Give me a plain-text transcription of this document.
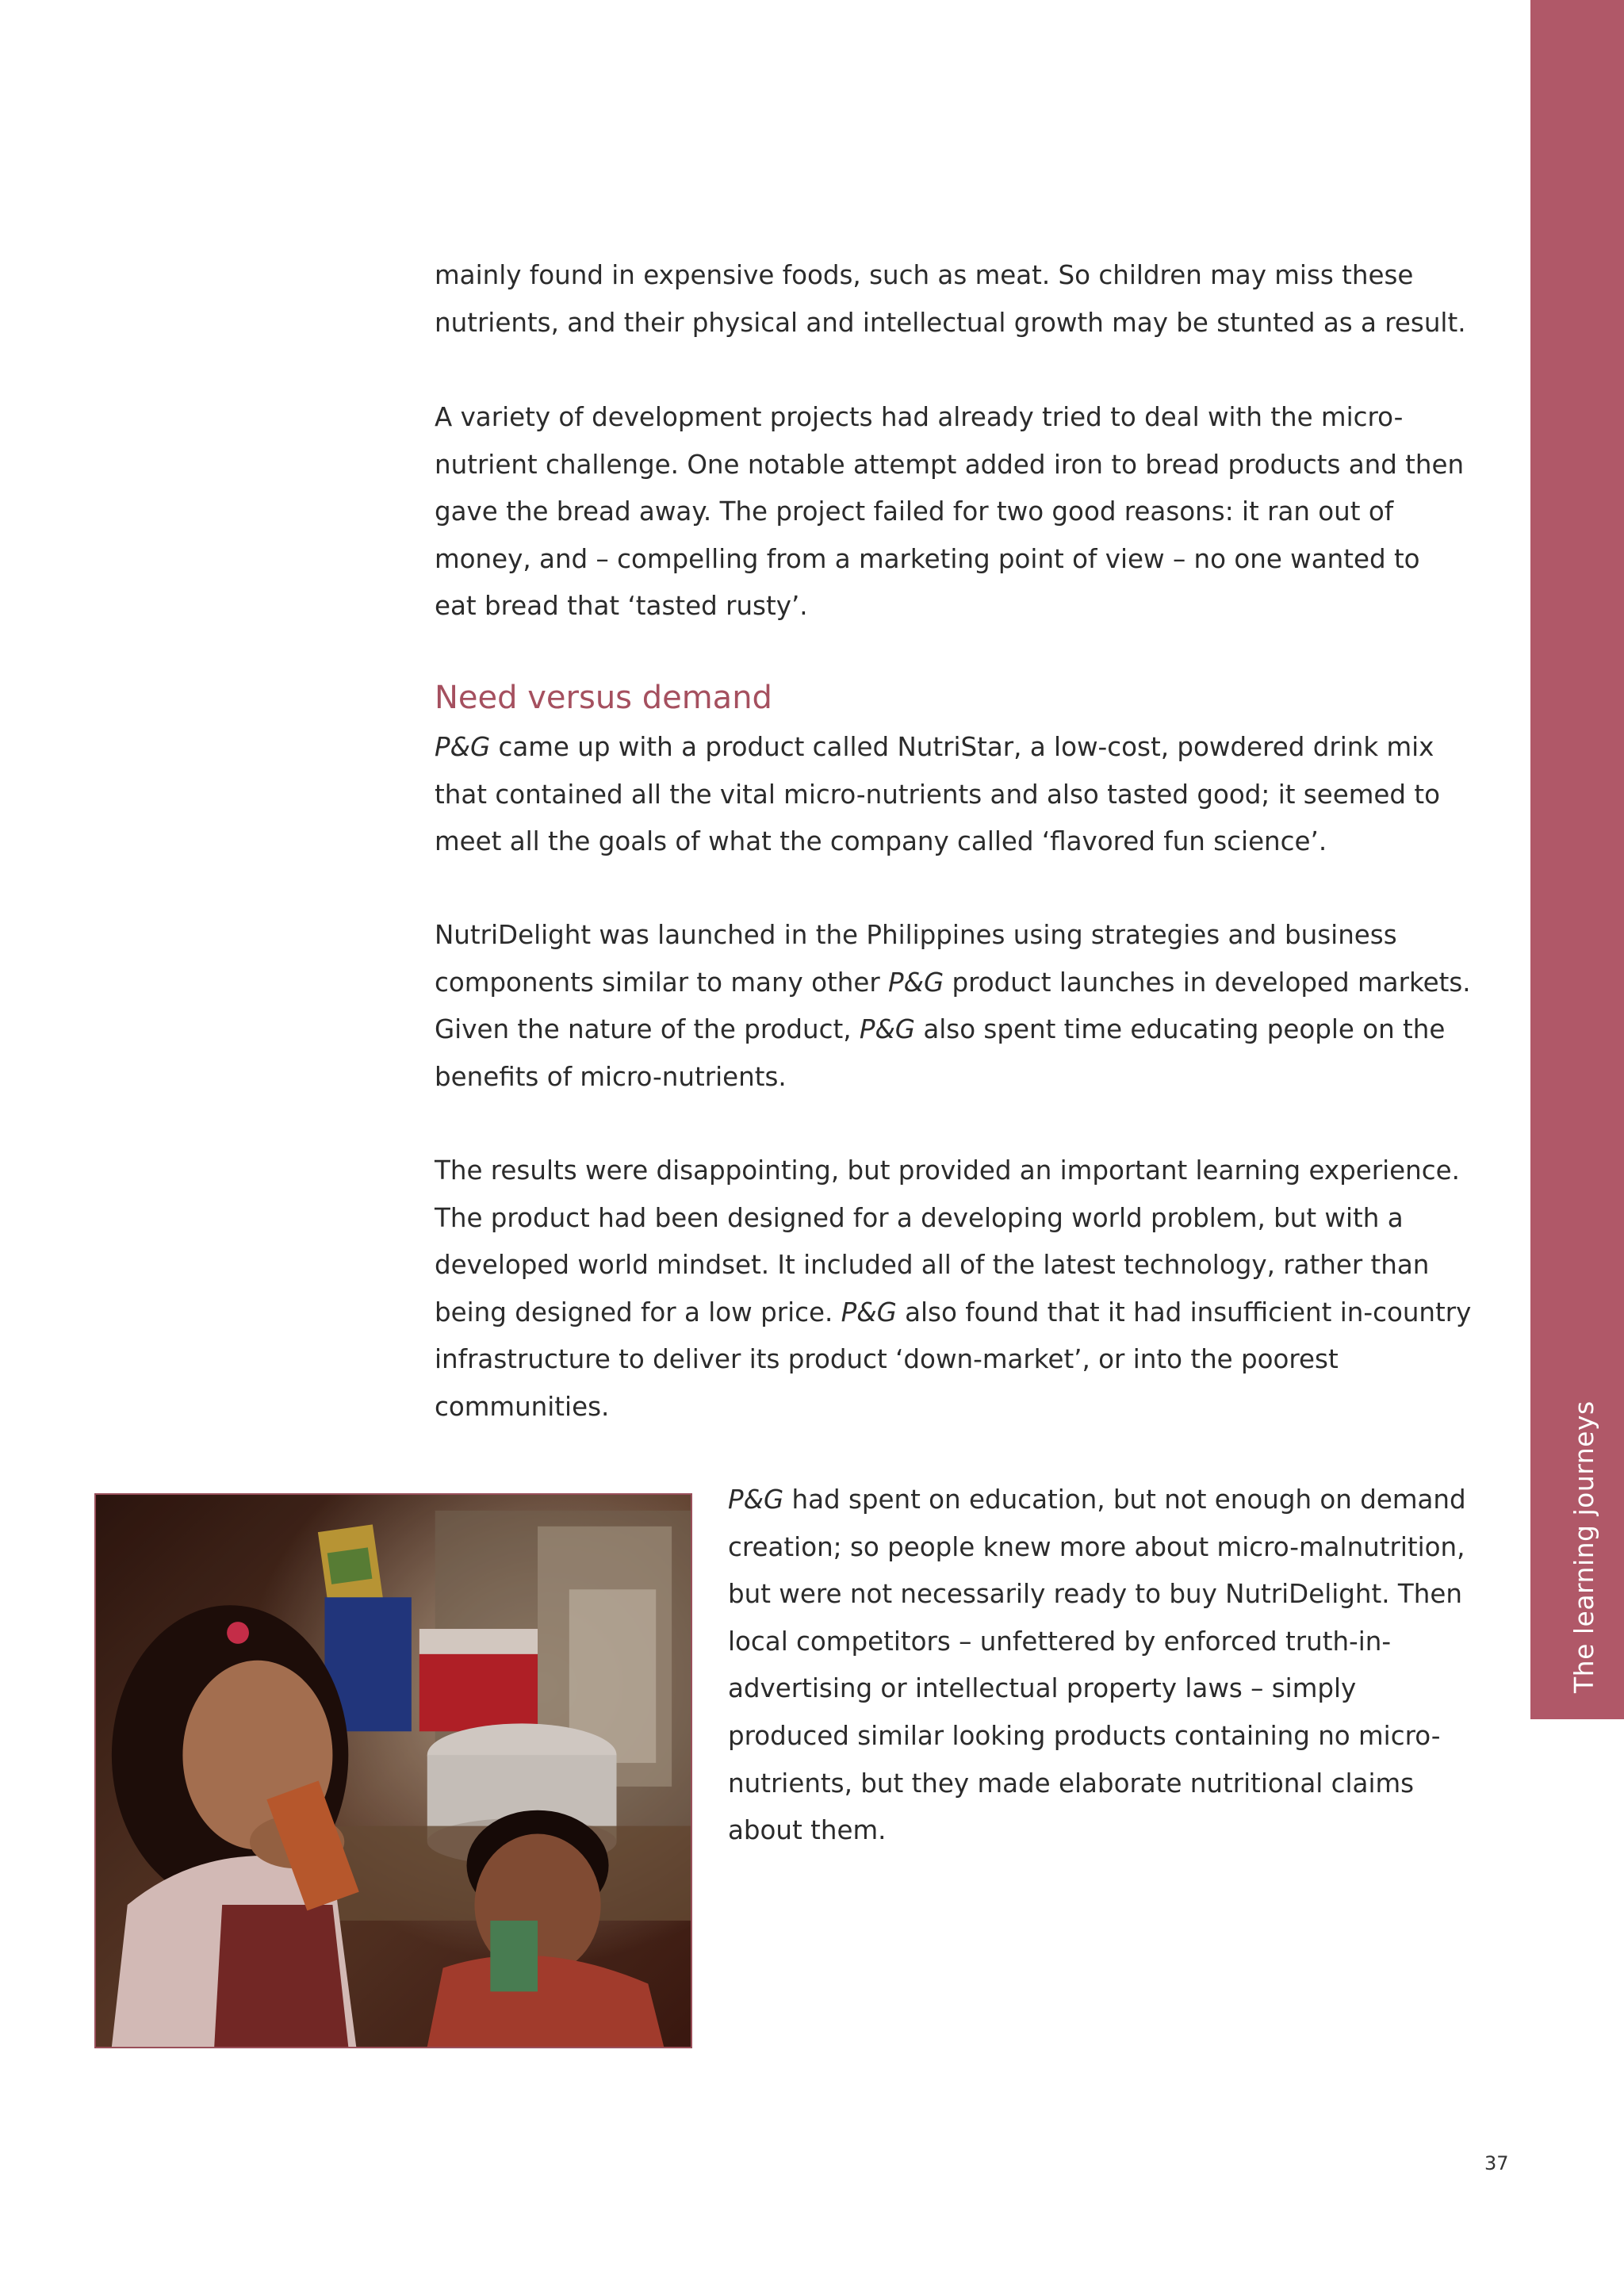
The learning journeys

mainly found in expensive foods, such as meat. So children may miss these
nutrients, and their physical and intellectual growth may be stunted as a result.

A variety of development projects had already tried to deal with the micro-
nutrient challenge. One notable attempt added iron to bread products and then
gave the bread away. The project failed for two good reasons: it ran out of
money, and – compelling from a marketing point of view – no one wanted to
eat bread that ‘tasted rusty’.

Need versus demand

P&G came up with a product called NutriStar, a low-cost, powdered drink mix
that contained all the vital micro-nutrients and also tasted good; it seemed to
meet all the goals of what the company called ‘flavored fun science’.

NutriDelight was launched in the Philippines using strategies and business
components similar to many other P&G product launches in developed markets.
Given the nature of the product, P&G also spent time educating people on the
benefits of micro-nutrients.

The results were disappointing, but provided an important learning experience.
The product had been designed for a developing world problem, but with a
developed world mindset. It included all of the latest technology, rather than
being designed for a low price. P&G also found that it had insufficient in-country
infrastructure to deliver its product ‘down-market’, or into the poorest
communities.

P&G had spent on education, but not enough on demand
creation; so people knew more about micro-malnutrition,
but were not necessarily ready to buy NutriDelight. Then
local competitors – unfettered by enforced truth-in-
advertising or intellectual property laws – simply
produced similar looking products containing no micro-
nutrients, but they made elaborate nutritional claims
about them.

37
